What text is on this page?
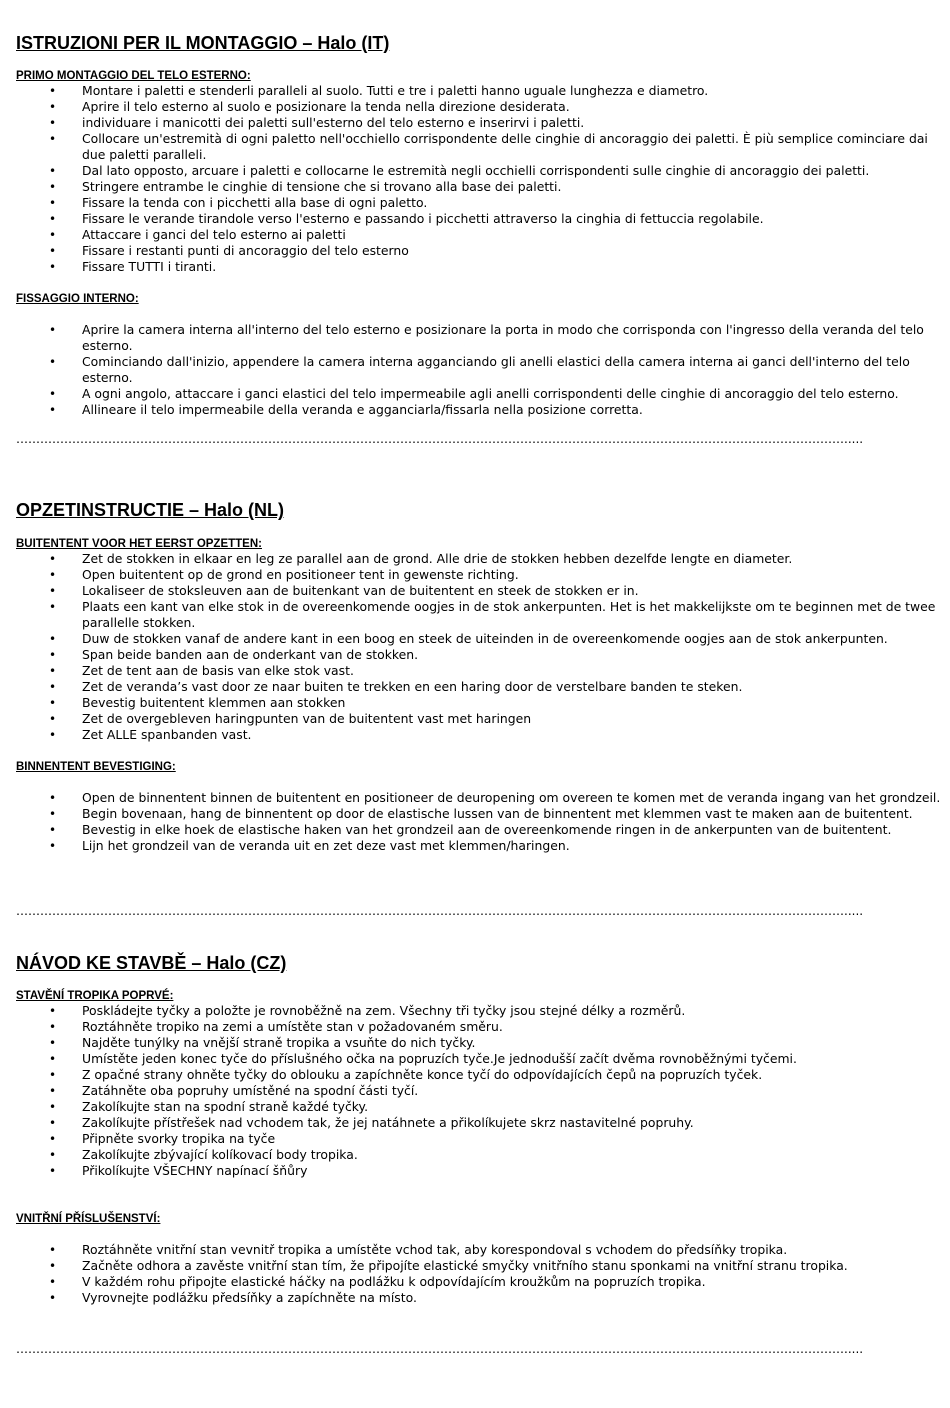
ISTRUZIONI PER IL MONTAGGIO – Halo (IT)
PRIMO MONTAGGIO DEL TELO ESTERNO:
• Montare i paletti e stenderli paralleli al suolo. Tutti e tre i paletti hanno uguale lunghezza e diametro.
• Aprire il telo esterno al suolo e posizionare la tenda nella direzione desiderata.
• individuare i manicotti dei paletti sull'esterno del telo esterno e inserirvi i paletti.
• Collocare un'estremità di ogni paletto nell'occhiello corrispondente delle cinghie di ancoraggio dei paletti. È più semplice cominciare dai due paletti paralleli.
• Dal lato opposto, arcuare i paletti e collocarne le estremità negli occhielli corrispondenti sulle cinghie di ancoraggio dei paletti.
• Stringere entrambe le cinghie di tensione che si trovano alla base dei paletti.
• Fissare la tenda con i picchetti alla base di ogni paletto.
• Fissare le verande tirandole verso l'esterno e passando i picchetti attraverso la cinghia di fettuccia regolabile.
• Attaccare i ganci del telo esterno ai paletti
• Fissare i restanti punti di ancoraggio del telo esterno
• Fissare TUTTI i tiranti.
FISSAGGIO INTERNO:
• Aprire la camera interna all'interno del telo esterno e posizionare la porta in modo che corrisponda con l'ingresso della veranda del telo esterno.
• Cominciando dall'inizio, appendere la camera interna agganciando gli anelli elastici della camera interna ai ganci dell'interno del telo esterno.
• A ogni angolo, attaccare i ganci elastici del telo impermeabile agli anelli corrispondenti delle cinghie di ancoraggio del telo esterno.
• Allineare il telo impermeabile della veranda e agganciarla/fissarla nella posizione corretta.
……………………………………………………………………………………………………………………………………………………………………………………….....
OPZETINSTRUCTIE – Halo (NL)
BUITENTENT VOOR HET EERST OPZETTEN:
• Zet de stokken in elkaar en leg ze parallel aan de grond. Alle drie de stokken hebben dezelfde lengte en diameter.
• Open buitentent op de grond en positioneer tent in gewenste richting.
• Lokaliseer de stoksleuven aan de buitenkant van de buitentent en steek de stokken er in.
• Plaats een kant van elke stok in de overeenkomende oogjes in de stok ankerpunten. Het is het makkelijkste om te beginnen met de twee parallelle stokken.
• Duw de stokken vanaf de andere kant in een boog en steek de uiteinden in de overeenkomende oogjes aan de stok ankerpunten.
• Span beide banden aan de onderkant van de stokken.
• Zet de tent aan de basis van elke stok vast.
• Zet de veranda’s vast door ze naar buiten te trekken en een haring door de verstelbare banden te steken.
• Bevestig buitentent klemmen aan stokken
• Zet de overgebleven haringpunten van de buitentent vast met haringen
• Zet ALLE spanbanden vast.
BINNENTENT BEVESTIGING:
• Open de binnentent binnen de buitentent en positioneer de deuropening om overeen te komen met de veranda ingang van het grondzeil.
• Begin bovenaan, hang de binnentent op door de elastische lussen van de binnentent met klemmen vast te maken aan de buitentent.
• Bevestig in elke hoek de elastische haken van het grondzeil aan de overeenkomende ringen in de ankerpunten van de buitentent.
• Lijn het grondzeil van de veranda uit en zet deze vast met klemmen/haringen.
……………………………………………………………………………………………………………………………………………………………………………………….....
NÁVOD KE STAVBĚ – Halo (CZ)
STAVĚNÍ TROPIKA POPRVÉ:
• Poskládejte tyčky a položte je rovnoběžně na zem. Všechny tři tyčky jsou stejné délky a rozměrů.
• Roztáhněte tropiko na zemi a umístěte stan v požadovaném směru.
• Najděte tunýlky na vnější straně tropika a vsuňte do nich tyčky.
• Umístěte jeden konec tyče do příslušného očka na popruzích tyče.Je jednodušší začít dvěma rovnoběžnými tyčemi.
• Z opačné strany ohněte tyčky do oblouku a zapíchněte konce tyčí do odpovídajících čepů na popruzích tyček.
• Zatáhněte oba popruhy umístěné na spodní části tyčí.
• Zakolíkujte stan na spodní straně každé tyčky.
• Zakolíkujte přístřešek nad vchodem tak, že jej natáhnete a přikolíkujete skrz nastavitelné popruhy.
• Připněte svorky tropika na tyče
• Zakolíkujte zbývající kolíkovací body tropika.
• Přikolíkujte VŠECHNY napínací šňůry
VNITŘNÍ PŘÍSLUŠENSTVÍ:
• Roztáhněte vnitřní stan vevnitř tropika a umístěte vchod tak, aby korespondoval s vchodem do předsíňky tropika.
• Začněte odhora a zavěste vnitřní stan tím, že připojíte elastické smyčky vnitřního stanu sponkami na vnitřní stranu tropika.
• V každém rohu připojte elastické háčky na podlážku k odpovídajícím kroužkům na popruzích tropika.
• Vyrovnejte podlážku předsíňky a zapíchněte na místo.
……………………………………………………………………………………………………………………………………………………………………………………….....
